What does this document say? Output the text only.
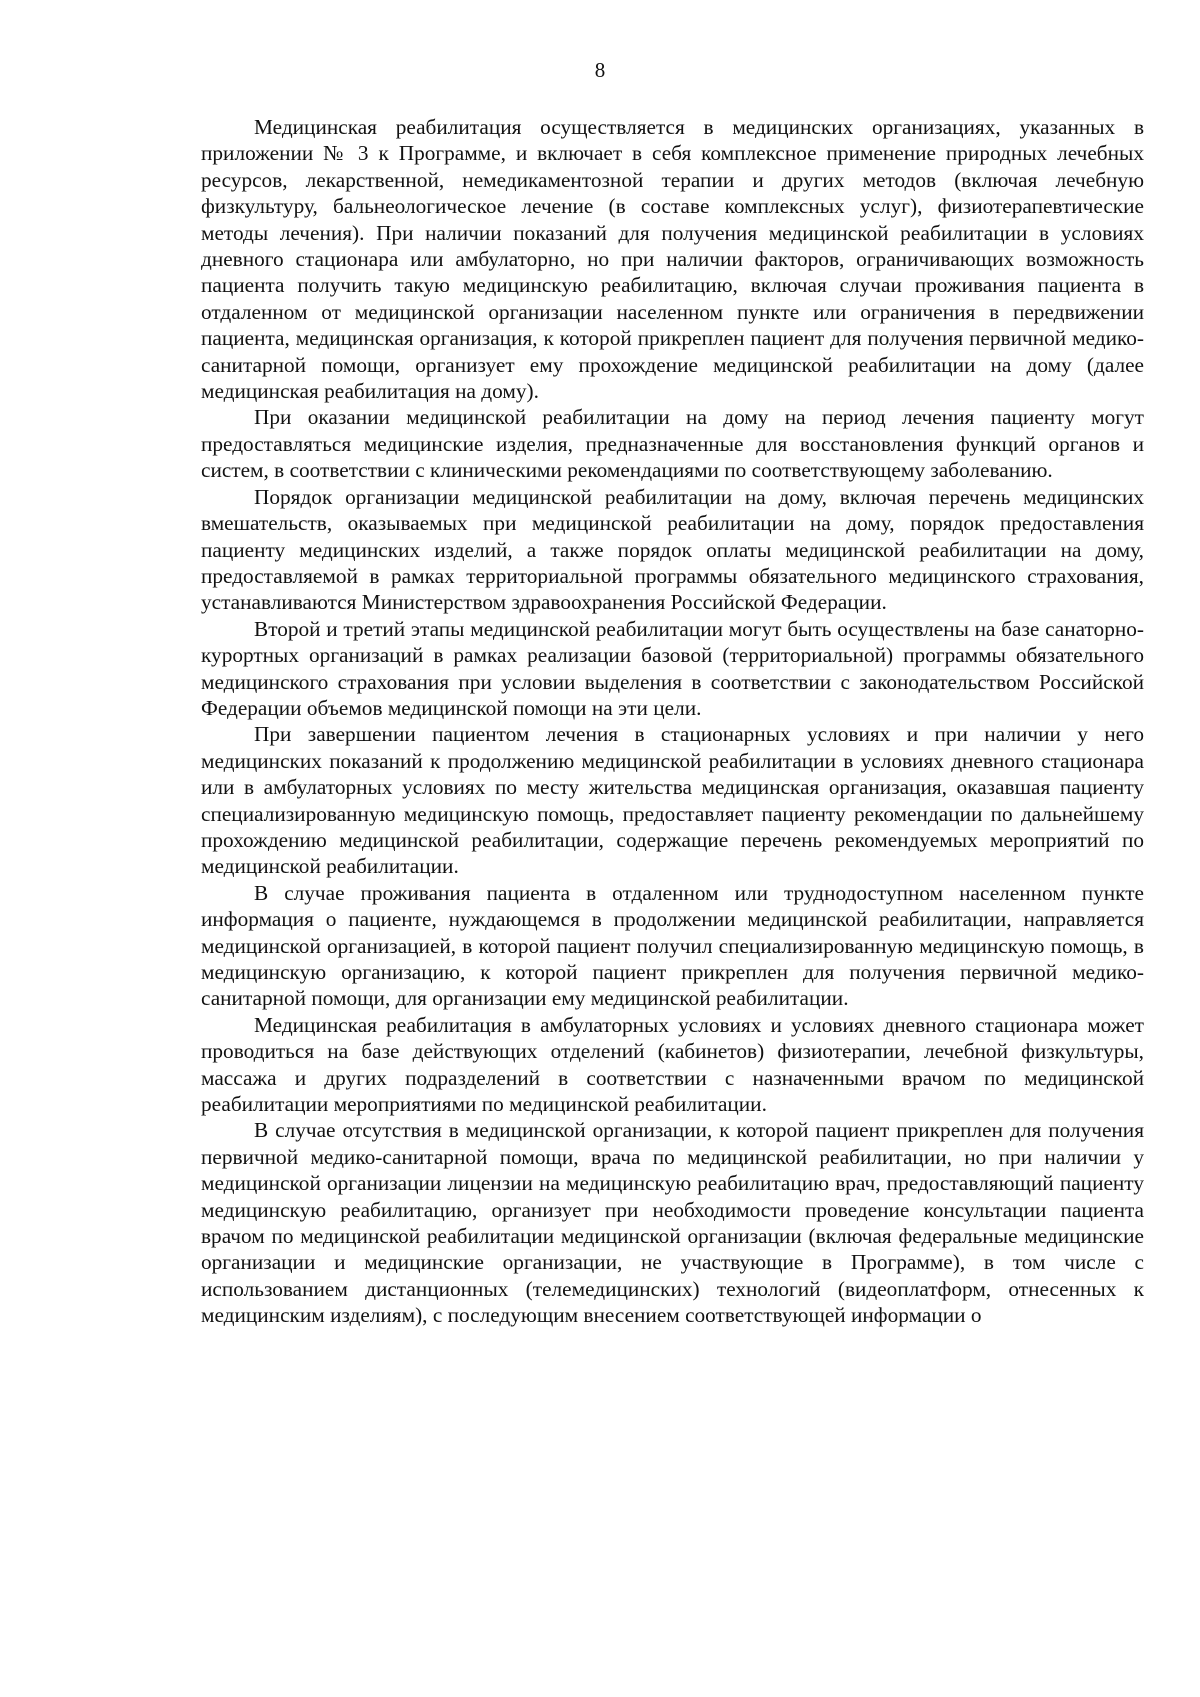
8

Медицинская реабилитация осуществляется в медицинских организациях, указанных в приложении № 3 к Программе, и включает в себя комплексное применение природных лечебных ресурсов, лекарственной, немедикаментозной терапии и других методов (включая лечебную физкультуру, бальнеологическое лечение (в составе комплексных услуг), физиотерапевтические методы лечения). При наличии показаний для получения медицинской реабилитации в условиях дневного стационара или амбулаторно, но при наличии факторов, ограничивающих возможность пациента получить такую медицинскую реабилитацию, включая случаи проживания пациента в отдаленном от медицинской организации населенном пункте или ограничения в передвижении пациента, медицинская организация, к которой прикреплен пациент для получения первичной медико-санитарной помощи, организует ему прохождение медицинской реабилитации на дому (далее медицинская реабилитация на дому).

При оказании медицинской реабилитации на дому на период лечения пациенту могут предоставляться медицинские изделия, предназначенные для восстановления функций органов и систем, в соответствии с клиническими рекомендациями по соответствующему заболеванию.

Порядок организации медицинской реабилитации на дому, включая перечень медицинских вмешательств, оказываемых при медицинской реабилитации на дому, порядок предоставления пациенту медицинских изделий, а также порядок оплаты медицинской реабилитации на дому, предоставляемой в рамках территориальной программы обязательного медицинского страхования, устанавливаются Министерством здравоохранения Российской Федерации.

Второй и третий этапы медицинской реабилитации могут быть осуществлены на базе санаторно-курортных организаций в рамках реализации базовой (территориальной) программы обязательного медицинского страхования при условии выделения в соответствии с законодательством Российской Федерации объемов медицинской помощи на эти цели.

При завершении пациентом лечения в стационарных условиях и при наличии у него медицинских показаний к продолжению медицинской реабилитации в условиях дневного стационара или в амбулаторных условиях по месту жительства медицинская организация, оказавшая пациенту специализированную медицинскую помощь, предоставляет пациенту рекомендации по дальнейшему прохождению медицинской реабилитации, содержащие перечень рекомендуемых мероприятий по медицинской реабилитации.

В случае проживания пациента в отдаленном или труднодоступном населенном пункте информация о пациенте, нуждающемся в продолжении медицинской реабилитации, направляется медицинской организацией, в которой пациент получил специализированную медицинскую помощь, в медицинскую организацию, к которой пациент прикреплен для получения первичной медико-санитарной помощи, для организации ему медицинской реабилитации.

Медицинская реабилитация в амбулаторных условиях и условиях дневного стационара может проводиться на базе действующих отделений (кабинетов) физиотерапии, лечебной физкультуры, массажа и других подразделений в соответствии с назначенными врачом по медицинской реабилитации мероприятиями по медицинской реабилитации.

В случае отсутствия в медицинской организации, к которой пациент прикреплен для получения первичной медико-санитарной помощи, врача по медицинской реабилитации, но при наличии у медицинской организации лицензии на медицинскую реабилитацию врач, предоставляющий пациенту медицинскую реабилитацию, организует при необходимости проведение консультации пациента врачом по медицинской реабилитации медицинской организации (включая федеральные медицинские организации и медицинские организации, не участвующие в Программе), в том числе с использованием дистанционных (телемедицинских) технологий (видеоплатформ, отнесенных к медицинским изделиям), с последующим внесением соответствующей информации о
